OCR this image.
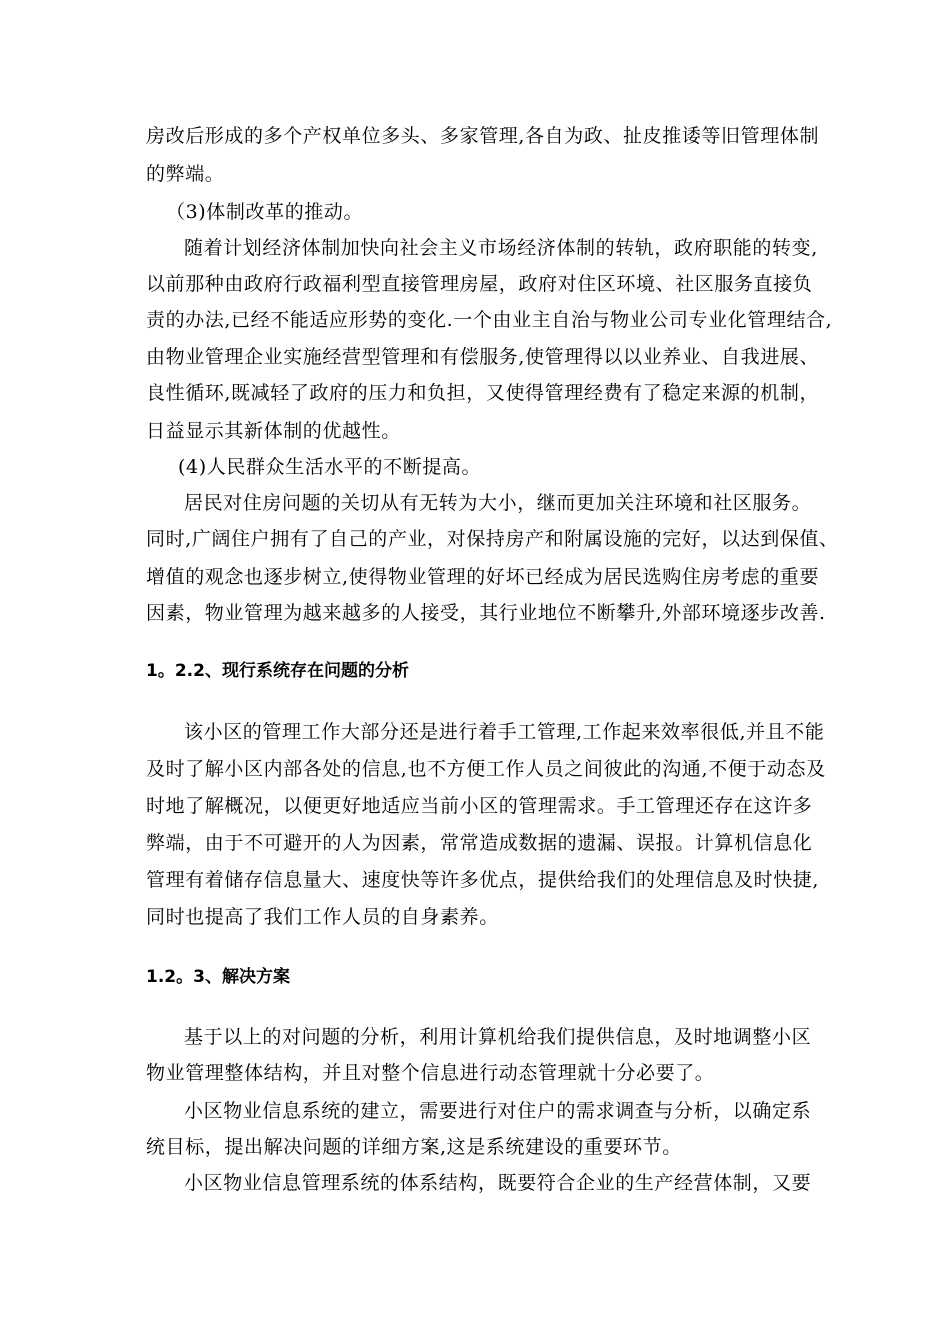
房改后形成的多个产权单位多头、多家管理,各自为政、扯皮推诿等旧管理体制
的弊端。
（3)体制改革的推动。
随着计划经济体制加快向社会主义市场经济体制的转轨，政府职能的转变,
以前那种由政府行政福利型直接管理房屋，政府对住区环境、社区服务直接负
责的办法,已经不能适应形势的变化.一个由业主自治与物业公司专业化管理结合,
由物业管理企业实施经营型管理和有偿服务,使管理得以以业养业、自我进展、
良性循环,既减轻了政府的压力和负担，又使得管理经费有了稳定来源的机制，
日益显示其新体制的优越性。
(4)人民群众生活水平的不断提高。
居民对住房问题的关切从有无转为大小，继而更加关注环境和社区服务。
同时,广阔住户拥有了自己的产业，对保持房产和附属设施的完好，以达到保值、
增值的观念也逐步树立,使得物业管理的好坏已经成为居民选购住房考虑的重要
因素，物业管理为越来越多的人接受，其行业地位不断攀升,外部环境逐步改善.
1。2.2、现行系统存在问题的分析
该小区的管理工作大部分还是进行着手工管理,工作起来效率很低,并且不能
及时了解小区内部各处的信息,也不方便工作人员之间彼此的沟通,不便于动态及
时地了解概况，以便更好地适应当前小区的管理需求。手工管理还存在这许多
弊端，由于不可避开的人为因素，常常造成数据的遗漏、误报。计算机信息化
管理有着储存信息量大、速度快等许多优点，提供给我们的处理信息及时快捷,
同时也提高了我们工作人员的自身素养。
1.2。3、解决方案
基于以上的对问题的分析，利用计算机给我们提供信息，及时地调整小区
物业管理整体结构，并且对整个信息进行动态管理就十分必要了。
小区物业信息系统的建立，需要进行对住户的需求调查与分析，以确定系
统目标，提出解决问题的详细方案,这是系统建设的重要环节。
小区物业信息管理系统的体系结构，既要符合企业的生产经营体制，又要
